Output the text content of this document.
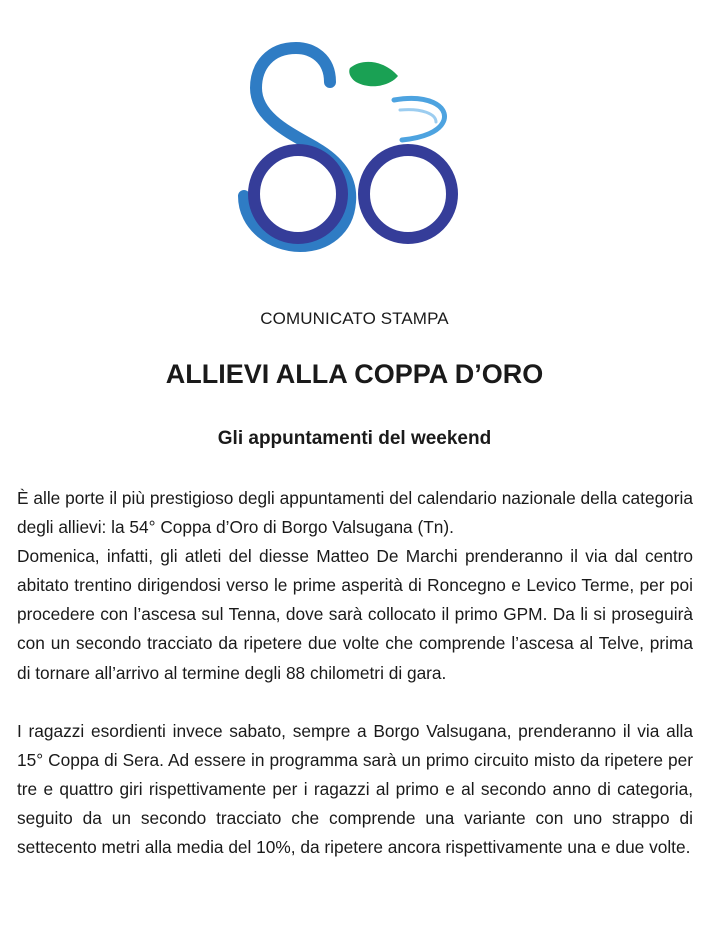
COMUNICATO STAMPA
ALLIEVI ALLA COPPA D’ORO
Gli appuntamenti del weekend

È alle porte il più prestigioso degli appuntamenti del calendario nazionale della categoria degli allievi: la 54° Coppa d’Oro di Borgo Valsugana (Tn).

Domenica, infatti, gli atleti del diesse Matteo De Marchi prenderanno il via dal centro abitato trentino dirigendosi verso le prime asperità di Roncegno e Levico Terme, per poi procedere con l’ascesa sul Tenna, dove sarà collocato il primo GPM. Da li si proseguirà con un secondo tracciato da ripetere due volte che comprende l’ascesa al Telve, prima di tornare all’arrivo al termine degli 88 chilometri di gara.

I ragazzi esordienti invece sabato, sempre a Borgo Valsugana, prenderanno il via alla 15° Coppa di Sera. Ad essere in programma sarà un primo circuito misto da ripetere per tre e quattro giri rispettivamente per i ragazzi al primo e al secondo anno di categoria, seguito da un secondo tracciato che comprende una variante con uno strappo di settecento metri alla media del 10%, da ripetere ancora rispettivamente una e due volte.
